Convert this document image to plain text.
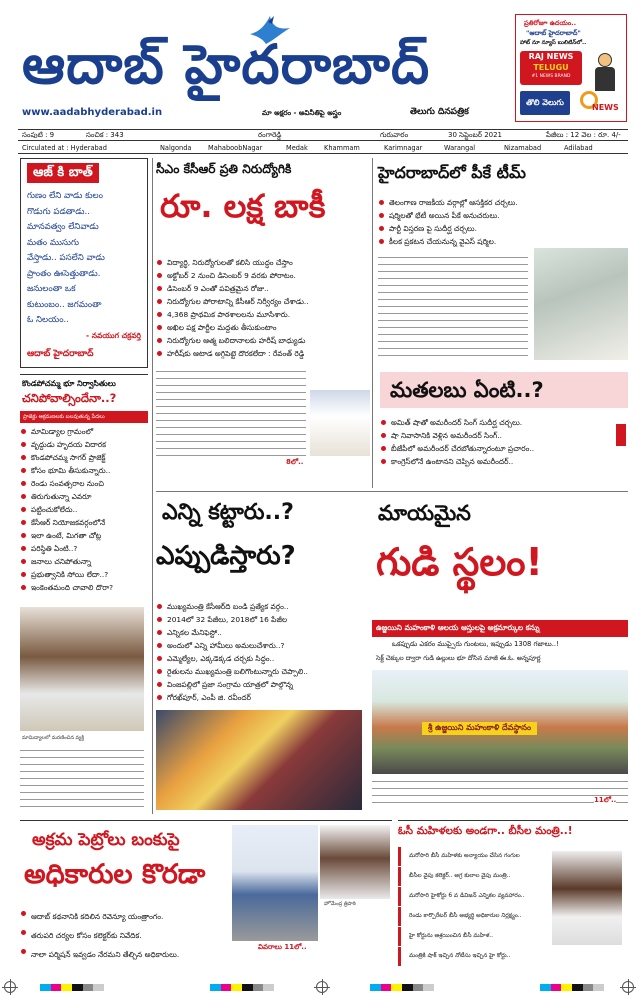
ఆదాబ్ హైదరాబాద్
www.aadabhyderabad.in	మా అక్షరం - అవినీతిపై అస్త్రం	తెలుగు దినపత్రిక
ప్రతిరోజూ ఉదయం..
"ఆదాబ్ హైదరాబాద్"
హాట్ నూ న్యూస్ బులిటిన్‌లో..
RAJ NEWS
TELUGU
#1 NEWS BRAND
తొలి వెలుగు
NEWS
సంపుటి : 9	సంచిక : 343	రంగారెడ్డి	గురువారం	30 సెప్టెంబర్ 2021	పేజీలు : 12 వెల : రూ. 4/-
Circulated at : Hyderabad	Nalgonda	MahaboobNagar	Medak Khammam	Karimnagar	Warangal	Nizamabad	Adilabad
ఆజ్ కి బాత్
గుణం లేని వాడు కులం
గొడుగు పడతాడు..
మానవత్వం లేనివాడు
మతం ముసుగు
వేస్తాడు.. పసలేని వాడు
ప్రాంతం ఊసెత్తుతాడు.
జనులంతా ఒక
కుటుంబం.. జగమంతా
ఓ నిలయం..
- నవయుగ చక్రవర్తి
ఆదాబ్ హైదరాబాద్
సీఎం కేసీఆర్ ప్రతి నిరుద్యోగికి
రూ. లక్ష బాకీ
విద్యార్థి, నిరుద్యోగులతో కలిసి యుద్ధం చేస్తాం
అక్టోబర్ 2 నుంచి డిసెంబర్ 9 వరకు పోరాటం.
డిసెంబర్ 9 ఎంతో పవిత్రమైన రోజు..
నిరుద్యోగుల పోరాటాన్ని కేసీఆర్ నిర్వీర్యం చేశాడు..
4,368 ప్రాథమిక పాఠశాలలను మూసేశారు.
అఖిల పక్ష పార్టీల మద్దతు తీసుకుంటాం
నిరుద్యోగుల ఆత్మ బలిదానాలకు హరీష్ బాధ్యుడు
హరీష్‌కు ఆటాడ అగ్గిపెట్టె దొరకలేదా : రేవంత్ రెడ్డి
8లో..
హైదరాబాద్‌లో పీకే టీమ్
తెలంగాణ రాజకీయ వర్గాల్లో ఆసక్తికర చర్చలు.
షర్మిలతో భేటీ అయిన పీకే అనుచరులు.
పార్టీ విస్తరణ పై సుదీర్ఘ చర్చలు.
కీలక ప్రకటన చేయనున్న వైఎస్ షర్మిల.
మతలబు ఏంటి..?
అమిత్ షాతో అమరీందర్ సింగ్ సుదీర్ఘ చర్చలు.
షా నివాసానికి వెళ్లిన అమరీందర్ సింగ్..
బీజేపీలో అమరీందర్ చేరబోతున్నారంటూ ప్రచారం..
కాంగ్రెస్‌లోనే ఉంటానని చెప్పిన అమరీందర్..
కొండపోచమ్మ భూ నిర్వాసితులు
చనిపోవాల్సిందేనా..?
ప్రాజెక్టు ఆక్రమణలకు బలవుతున్న పేదలు
మామిడ్యాల గ్రామంలో
వృద్దుడు హృదయ విదారక
కొండపోచమ్మ సాగర్ ప్రాజెక్ట్
కోసం భూమి తీసుకున్నారు..
రెండు సంవత్సరాల నుంచి
తిరుగుతున్నా ఎవరూ
పట్టించుకోలేదు..
కేసీఆర్ నియోజకవర్గంలోనే
ఇలా ఉంటే, మిగతా చోట్ల
పరిస్థితి ఏంటి..?
జనాలు చనిపోతున్నా
ప్రభుత్వానికి సోయి లేదా..?
ఇంకెంతమంది చావాలి దొరా?
మామిడ్యాలలో మరణించిన వ్యక్తి
ఎన్ని కట్టారు..?
ఎప్పుడిస్తారు?
ముఖ్యమంత్రి కేసీఆర్‌ది బండి ప్రత్యేక వర్గం..
2014లో 32 పేజీలు, 2018లో 16 పేజీల
ఎన్నికల మేనిఫెస్టో..
అందులో ఎన్ని హామీలు అమలుచేశారు..?
ఎమ్మెల్యేల, ఎక్కడెక్కడ చర్చకు సిద్ధం..
రైతులను ముఖ్యమంత్రి బలిగొంటున్నారు చెప్పాలి..
వింజపల్లిలో ప్రజా సంగ్రామ యాత్రలో పాల్గొన్న
గోరఖ్‌పూర్, ఎంపీ జి. రవీందర్
మాయమైన
గుడి స్థలం!
ఉజ్జయిని మహంకాళి ఆలయ ఆస్తులపై అక్రమార్కుల కన్ను
ఒకప్పుడు ఎకరం ముప్పైరు గుంటలు, ఇప్పుడు 1308 గజాలు..!
సెక్ట్ చెక్కుల ద్వారా గుడి ఉల్లులు భూ దోసిన మాజీ ఈ.ఓ. అన్నపూర్ణ
శ్రీ ఉజ్జయిని మహంకాళి దేవస్థానం
11లో..
అక్రమ పెట్రోలు బంకుపై
అధికారుల కొరడా
ఆదాబ్ కథనానికి కదిలిన రెవెన్యూ యంత్రాంగం.
తరుపరి చర్యల కోసం కలెక్టర్‌కు నివేదిక.
నాలా పర్మిషన్ ఇవ్వడం నేరమని తేల్చిన అధికారులు.
హోమేంద్ర త్రిపాఠి
వివరాలు 11లో..
ఓసీ మహిళలకు అండగా.. బీసీల మంత్రి..!
మరోసారి బీసీ మహిళకు అన్యాయం చేసిన గంగుల
బీసీల వైపు కలెక్టర్.. అగ్ర కులాల వైపు మంత్రి..
మరోసారి హైకోర్టు 6 వ డివిజన్ ఎన్నికల వ్యవహారం..
రెండు కార్పొరేటర్ బీసీ అభ్యర్థి అధికారుల నిర్లక్ష్యం..
హై కోర్టును ఆశ్రయించిన బీసీ మహిళ..
మంత్రికి షాక్ ఇచ్చిన నోటీసు ఇచ్చిన హై కోర్టు..
